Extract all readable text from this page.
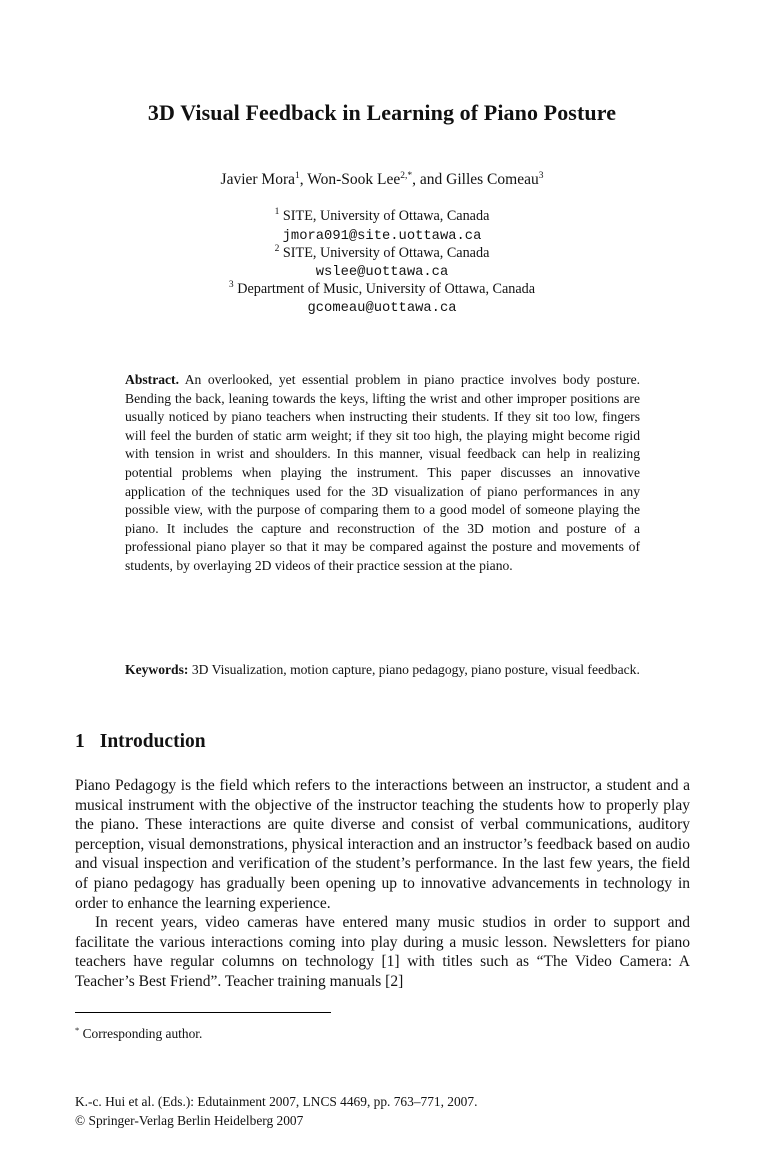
3D Visual Feedback in Learning of Piano Posture
Javier Mora$^1$, Won-Sook Lee$^{2,*}$, and Gilles Comeau$^3$
$^1$ SITE, University of Ottawa, Canada
jmora091@site.uottawa.ca
$^2$ SITE, University of Ottawa, Canada
wslee@uottawa.ca
$^3$ Department of Music, University of Ottawa, Canada
gcomeau@uottawa.ca
Abstract. An overlooked, yet essential problem in piano practice involves body posture. Bending the back, leaning towards the keys, lifting the wrist and other improper positions are usually noticed by piano teachers when instructing their students. If they sit too low, fingers will feel the burden of static arm weight; if they sit too high, the playing might become rigid with tension in wrist and shoulders. In this manner, visual feedback can help in realizing potential problems when playing the instrument. This paper discusses an innovative application of the techniques used for the 3D visualization of piano performances in any possible view, with the purpose of comparing them to a good model of someone playing the piano. It includes the capture and reconstruction of the 3D motion and posture of a professional piano player so that it may be compared against the posture and movements of students, by overlaying 2D videos of their practice session at the piano.
Keywords: 3D Visualization, motion capture, piano pedagogy, piano posture, visual feedback.
1 Introduction

Piano Pedagogy is the field which refers to the interactions between an instructor, a student and a musical instrument with the objective of the instructor teaching the students how to properly play the piano. These interactions are quite diverse and consist of verbal communications, auditory perception, visual demonstrations, physical interaction and an instructor’s feedback based on audio and visual inspection and verification of the student’s performance. In the last few years, the field of piano pedagogy has gradually been opening up to innovative advancements in technology in order to enhance the learning experience.

In recent years, video cameras have entered many music studios in order to support and facilitate the various interactions coming into play during a music lesson. Newsletters for piano teachers have regular columns on technology [1] with titles such as “The Video Camera: A Teacher’s Best Friend”. Teacher training manuals [2]

* Corresponding author.
K.-c. Hui et al. (Eds.): Edutainment 2007, LNCS 4469, pp. 763–771, 2007.
© Springer-Verlag Berlin Heidelberg 2007
